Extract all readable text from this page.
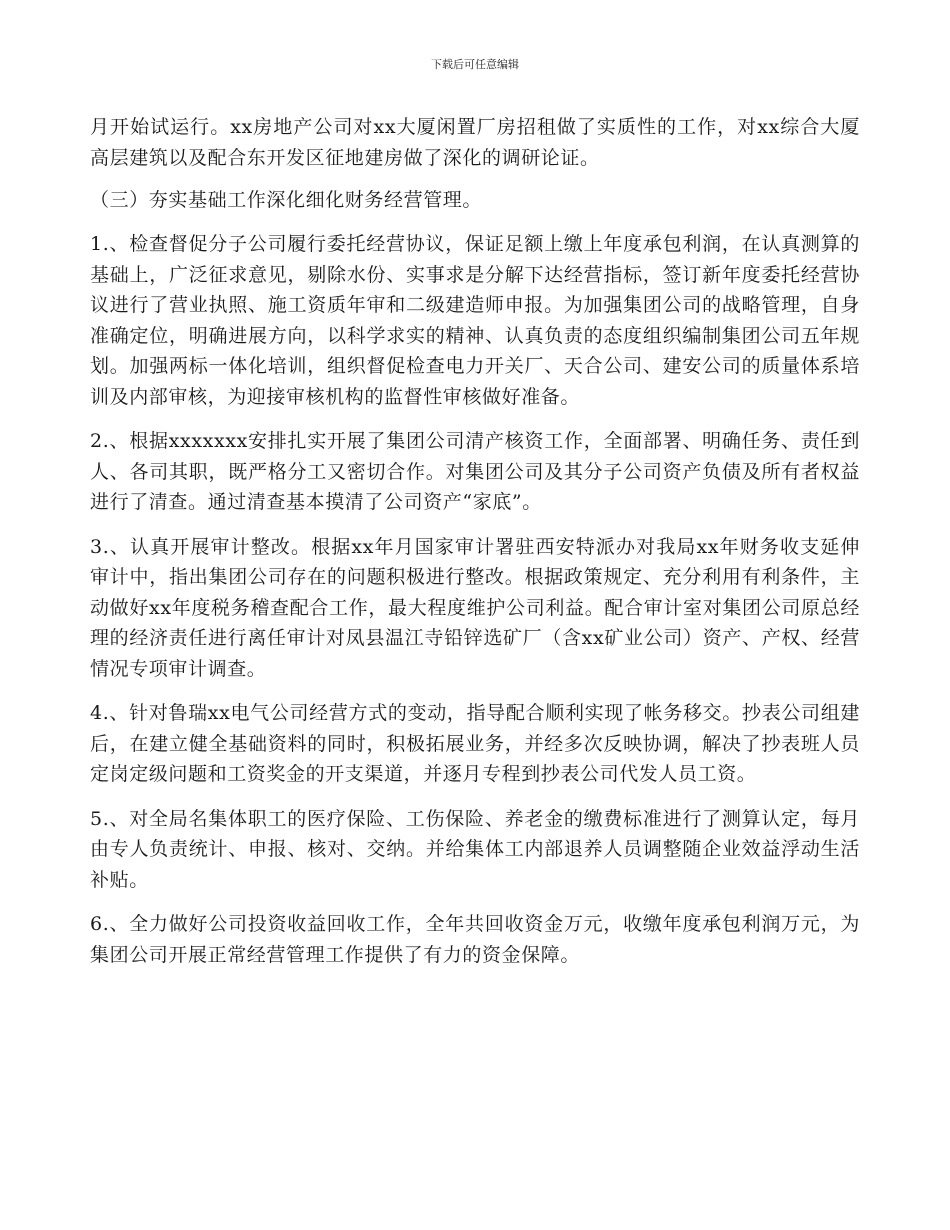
下载后可任意编辑

月开始试运行。xx房地产公司对xx大厦闲置厂房招租做了实质性的工作，对xx综合大厦高层建筑以及配合东开发区征地建房做了深化的调研论证。

（三）夯实基础工作深化细化财务经营管理。

1.、检查督促分子公司履行委托经营协议，保证足额上缴上年度承包利润，在认真测算的基础上，广泛征求意见，剔除水份、实事求是分解下达经营指标，签订新年度委托经营协议进行了营业执照、施工资质年审和二级建造师申报。为加强集团公司的战略管理，自身准确定位，明确进展方向，以科学求实的精神、认真负责的态度组织编制集团公司五年规划。加强两标一体化培训，组织督促检查电力开关厂、天合公司、建安公司的质量体系培训及内部审核，为迎接审核机构的监督性审核做好准备。

2.、根据xxxxxxx安排扎实开展了集团公司清产核资工作，全面部署、明确任务、责任到人、各司其职，既严格分工又密切合作。对集团公司及其分子公司资产负债及所有者权益进行了清查。通过清查基本摸清了公司资产“家底”。

3.、认真开展审计整改。根据xx年月国家审计署驻西安特派办对我局xx年财务收支延伸审计中，指出集团公司存在的问题积极进行整改。根据政策规定、充分利用有利条件，主动做好xx年度税务稽查配合工作，最大程度维护公司利益。配合审计室对集团公司原总经理的经济责任进行离任审计对凤县温江寺铅锌选矿厂（含xx矿业公司）资产、产权、经营情况专项审计调查。

4.、针对鲁瑞xx电气公司经营方式的变动，指导配合顺利实现了帐务移交。抄表公司组建后，在建立健全基础资料的同时，积极拓展业务，并经多次反映协调，解决了抄表班人员定岗定级问题和工资奖金的开支渠道，并逐月专程到抄表公司代发人员工资。

5.、对全局名集体职工的医疗保险、工伤保险、养老金的缴费标准进行了测算认定，每月由专人负责统计、申报、核对、交纳。并给集体工内部退养人员调整随企业效益浮动生活补贴。

6.、全力做好公司投资收益回收工作，全年共回收资金万元，收缴年度承包利润万元，为集团公司开展正常经营管理工作提供了有力的资金保障。
